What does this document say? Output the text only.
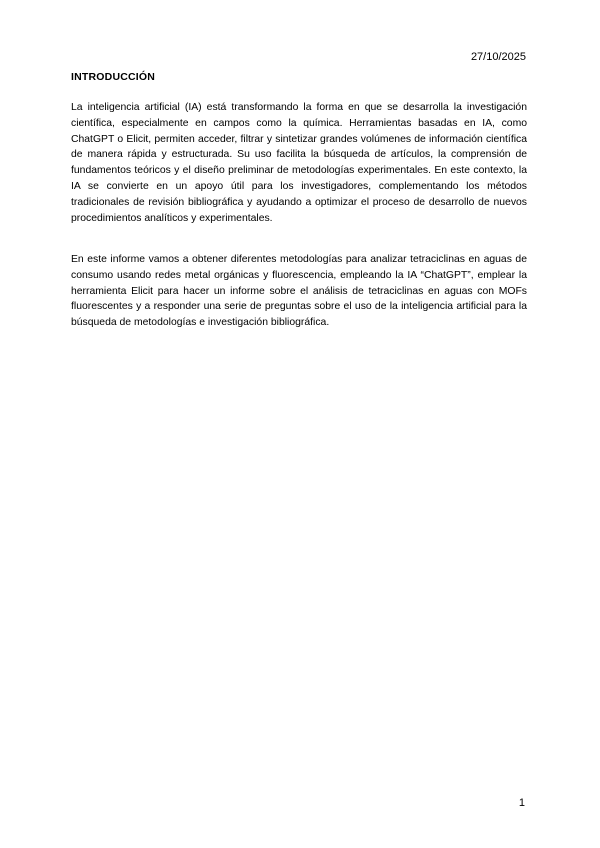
27/10/2025
INTRODUCCIÓN

La inteligencia artificial (IA) está transformando la forma en que se desarrolla la investigación científica, especialmente en campos como la química. Herramientas basadas en IA, como ChatGPT o Elicit, permiten acceder, filtrar y sintetizar grandes volúmenes de información científica de manera rápida y estructurada. Su uso facilita la búsqueda de artículos, la comprensión de fundamentos teóricos y el diseño preliminar de metodologías experimentales. En este contexto, la IA se convierte en un apoyo útil para los investigadores, complementando los métodos tradicionales de revisión bibliográfica y ayudando a optimizar el proceso de desarrollo de nuevos procedimientos analíticos y experimentales.

En este informe vamos a obtener diferentes metodologías para analizar tetraciclinas en aguas de consumo usando redes metal orgánicas y fluorescencia, empleando la IA “ChatGPT”, emplear la herramienta Elicit para hacer un informe sobre el análisis de tetraciclinas en aguas con MOFs fluorescentes y a responder una serie de preguntas sobre el uso de la inteligencia artificial para la búsqueda de metodologías e investigación bibliográfica.

1
